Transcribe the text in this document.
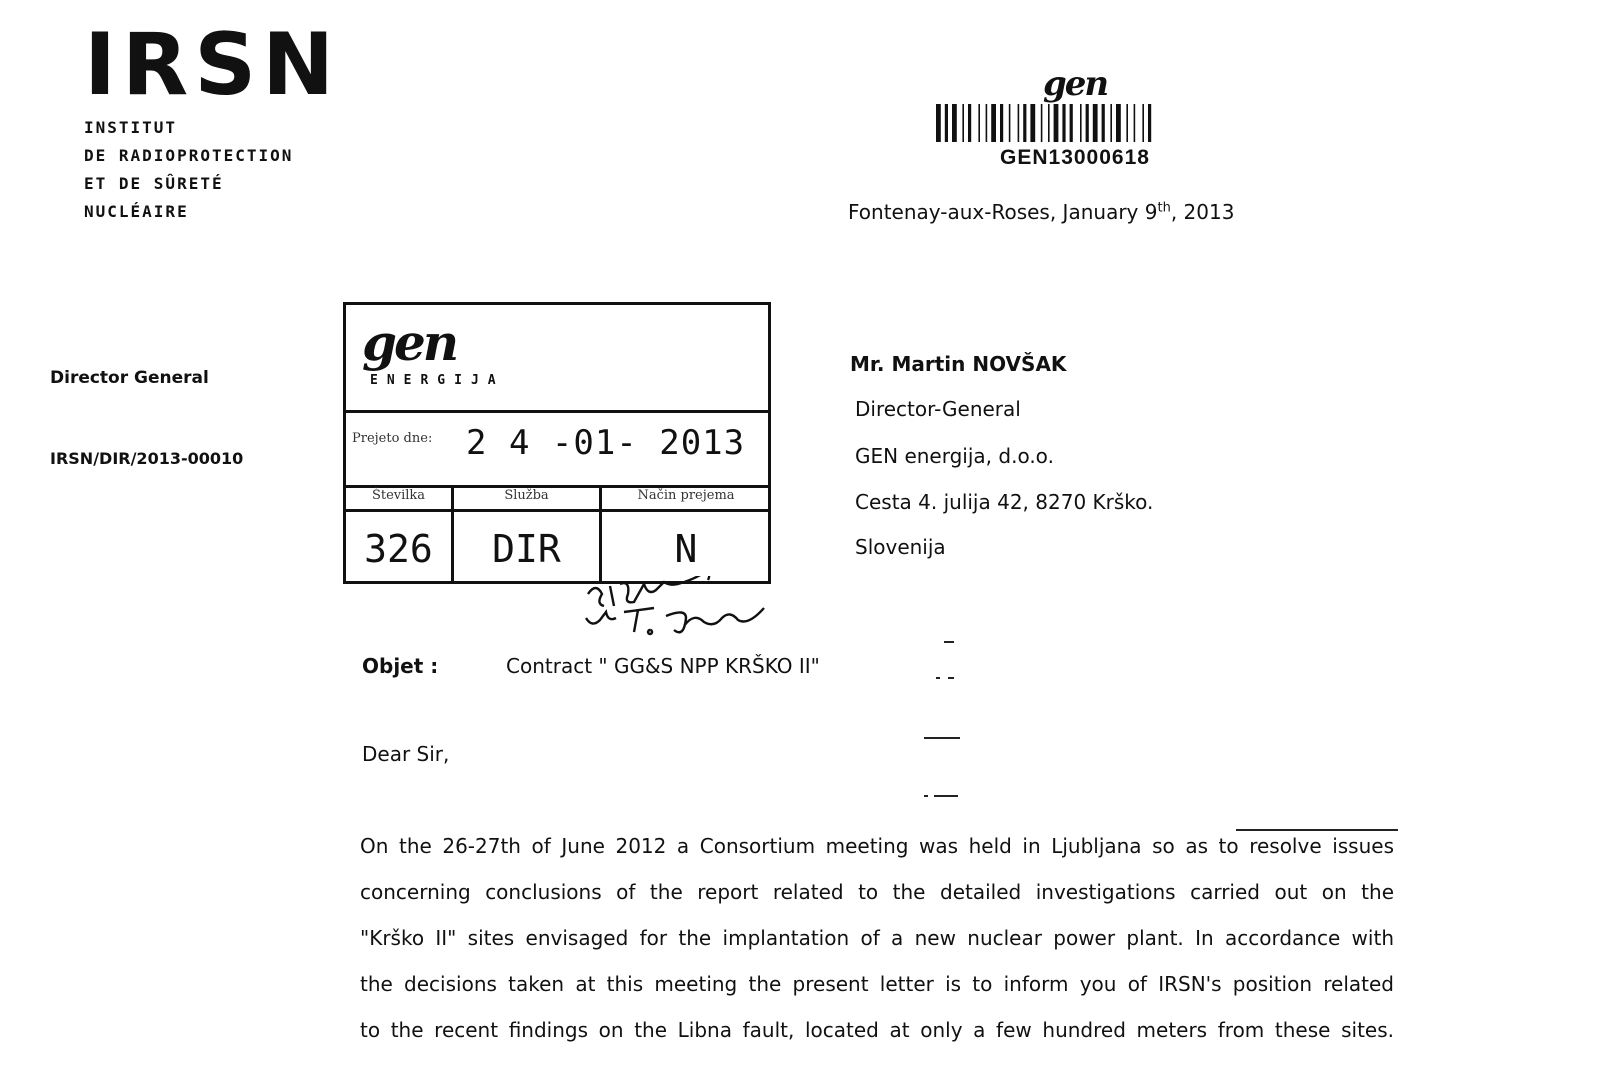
IRSN
INSTITUT
DE RADIOPROTECTION
ET DE SÛRETÉ NUCLÉAIRE
Director General
IRSN/DIR/2013-00010
gen
GEN13000618
Fontenay-aux-Roses, January 9th, 2013
gen
ENERGIJA
Prejeto dne: 2 4 -01- 2013
Številka	Služba	Način prejema
326	DIR	N
Mr. Martin NOVŠAK
Director-General
GEN energija, d.o.o.
Cesta 4. julija 42, 8270 Krško.
Slovenija
Objet :	Contract " GG&S NPP KRŠKO II"
Dear Sir,
On the 26-27th of June 2012 a Consortium meeting was held in Ljubljana so as to resolve issues
concerning conclusions of the report related to the detailed investigations carried out on the
"Krško II" sites envisaged for the implantation of a new nuclear power plant. In accordance with
the decisions taken at this meeting the present letter is to inform you of IRSN's position related
to the recent findings on the Libna fault, located at only a few hundred meters from these sites.
